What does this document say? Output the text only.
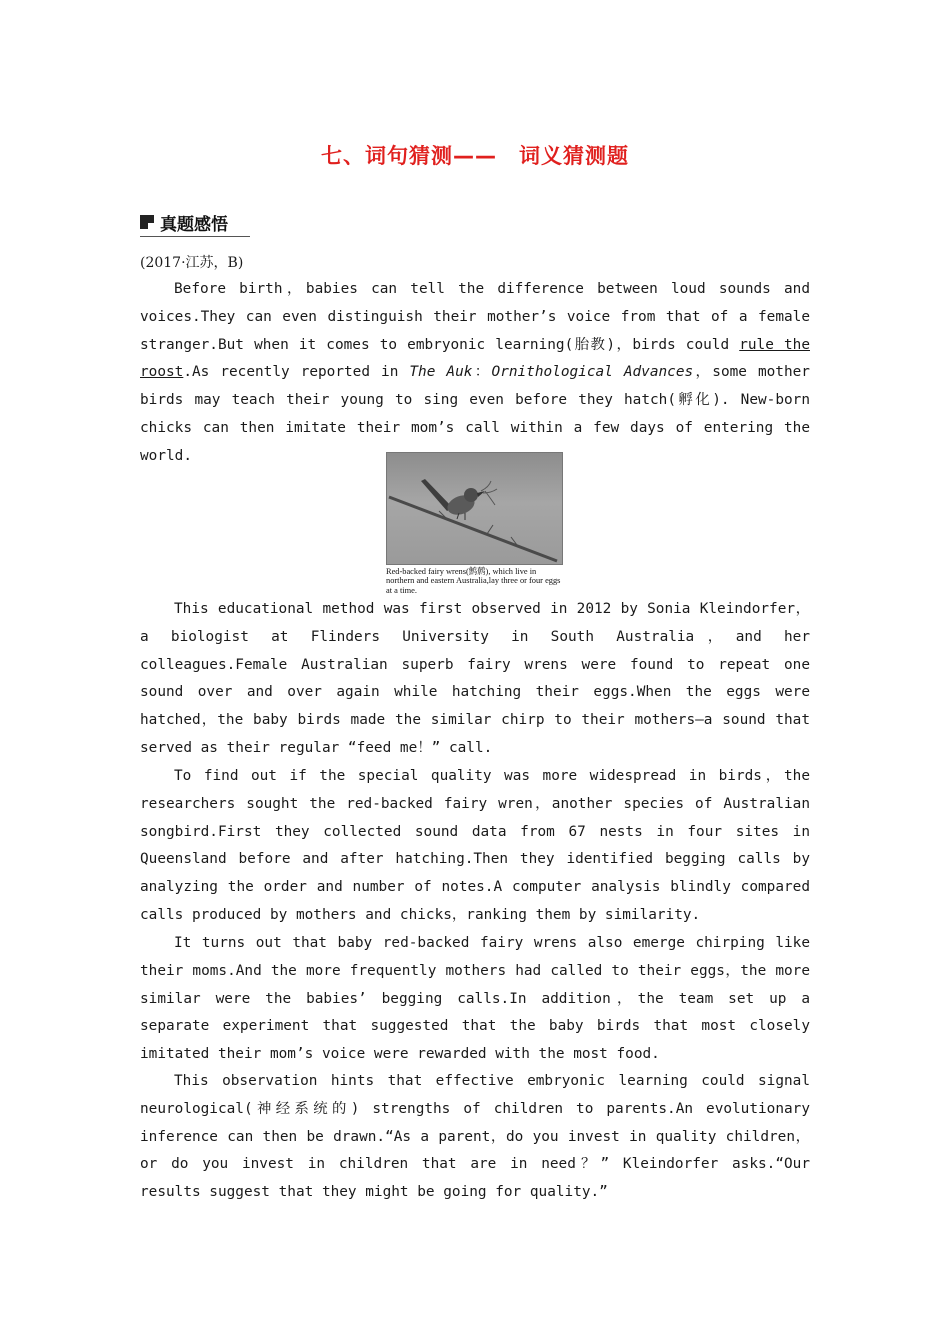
七、词句猜测——　词义猜测题
真题感悟
(2017·江苏，B)

Before birth，babies can tell the difference between loud sounds and voices.They can even distinguish their mother’s voice from that of a female stranger.But when it comes to embryonic learning(胎教)，birds could rule the roost.As recently reported in The Auk：Ornithological Advances，some mother birds may teach their young to sing even before they hatch(孵化). New-born chicks can then imitate their mom’s call within a few days of entering the world.

Red-backed fairy wrens(鹪鹩), which live in northern and eastern Australia,lay three or four eggs at a time.

This educational method was first observed in 2012 by Sonia Kleindorfer，a biologist at Flinders University in South Australia，and her colleagues.Female Australian superb fairy wrens were found to repeat one sound over and over again while hatching their eggs.When the eggs were hatched，the baby birds made the similar chirp to their mothers—a sound that served as their regular “feed me！” call.

To find out if the special quality was more widespread in birds，the researchers sought the red-backed fairy wren，another species of Australian songbird.First they collected sound data from 67 nests in four sites in Queensland before and after hatching.Then they identified begging calls by analyzing the order and number of notes.A computer analysis blindly compared calls produced by mothers and chicks，ranking them by similarity.

It turns out that baby red-backed fairy wrens also emerge chirping like their moms.And the more frequently mothers had called to their eggs，the more similar were the babies’ begging calls.In addition，the team set up a separate experiment that suggested that the baby birds that most closely imitated their mom’s voice were rewarded with the most food.

This observation hints that effective embryonic learning could signal neurological(神经系统的) strengths of children to parents.An evolutionary inference can then be drawn.“As a parent，do you invest in quality children，or do you invest in children that are in need？” Kleindorfer asks.“Our results suggest that they might be going for quality.”
